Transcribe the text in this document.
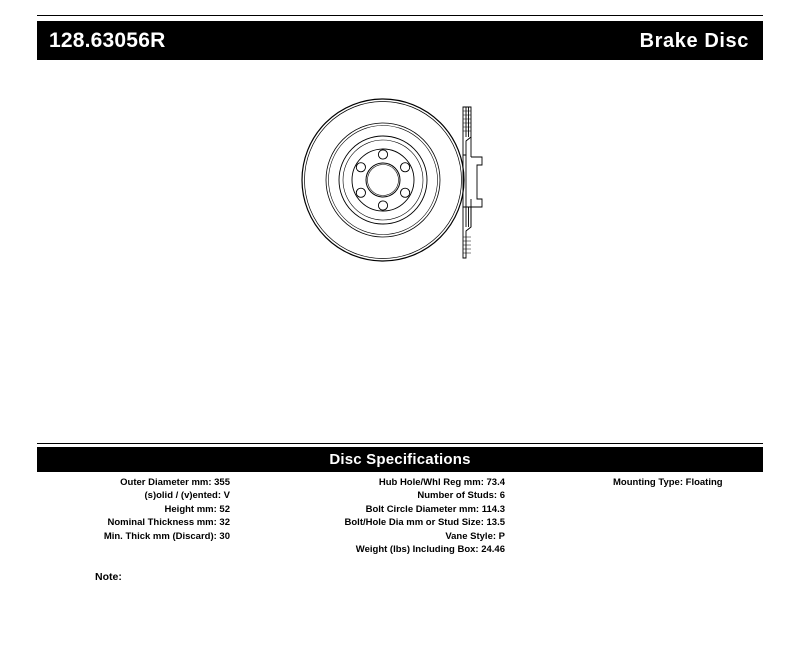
128.63056R	Brake Disc
Disc Specifications
Outer Diameter mm: 355
(s)olid / (v)ented: V
Height mm: 52
Nominal Thickness mm: 32
Min. Thick mm (Discard): 30
Hub Hole/Whl Reg mm: 73.4
Number of Studs: 6
Bolt Circle Diameter mm: 114.3
Bolt/Hole Dia mm or Stud Size: 13.5
Vane Style: P
Weight (lbs) Including Box: 24.46
Mounting Type: Floating
Note:
